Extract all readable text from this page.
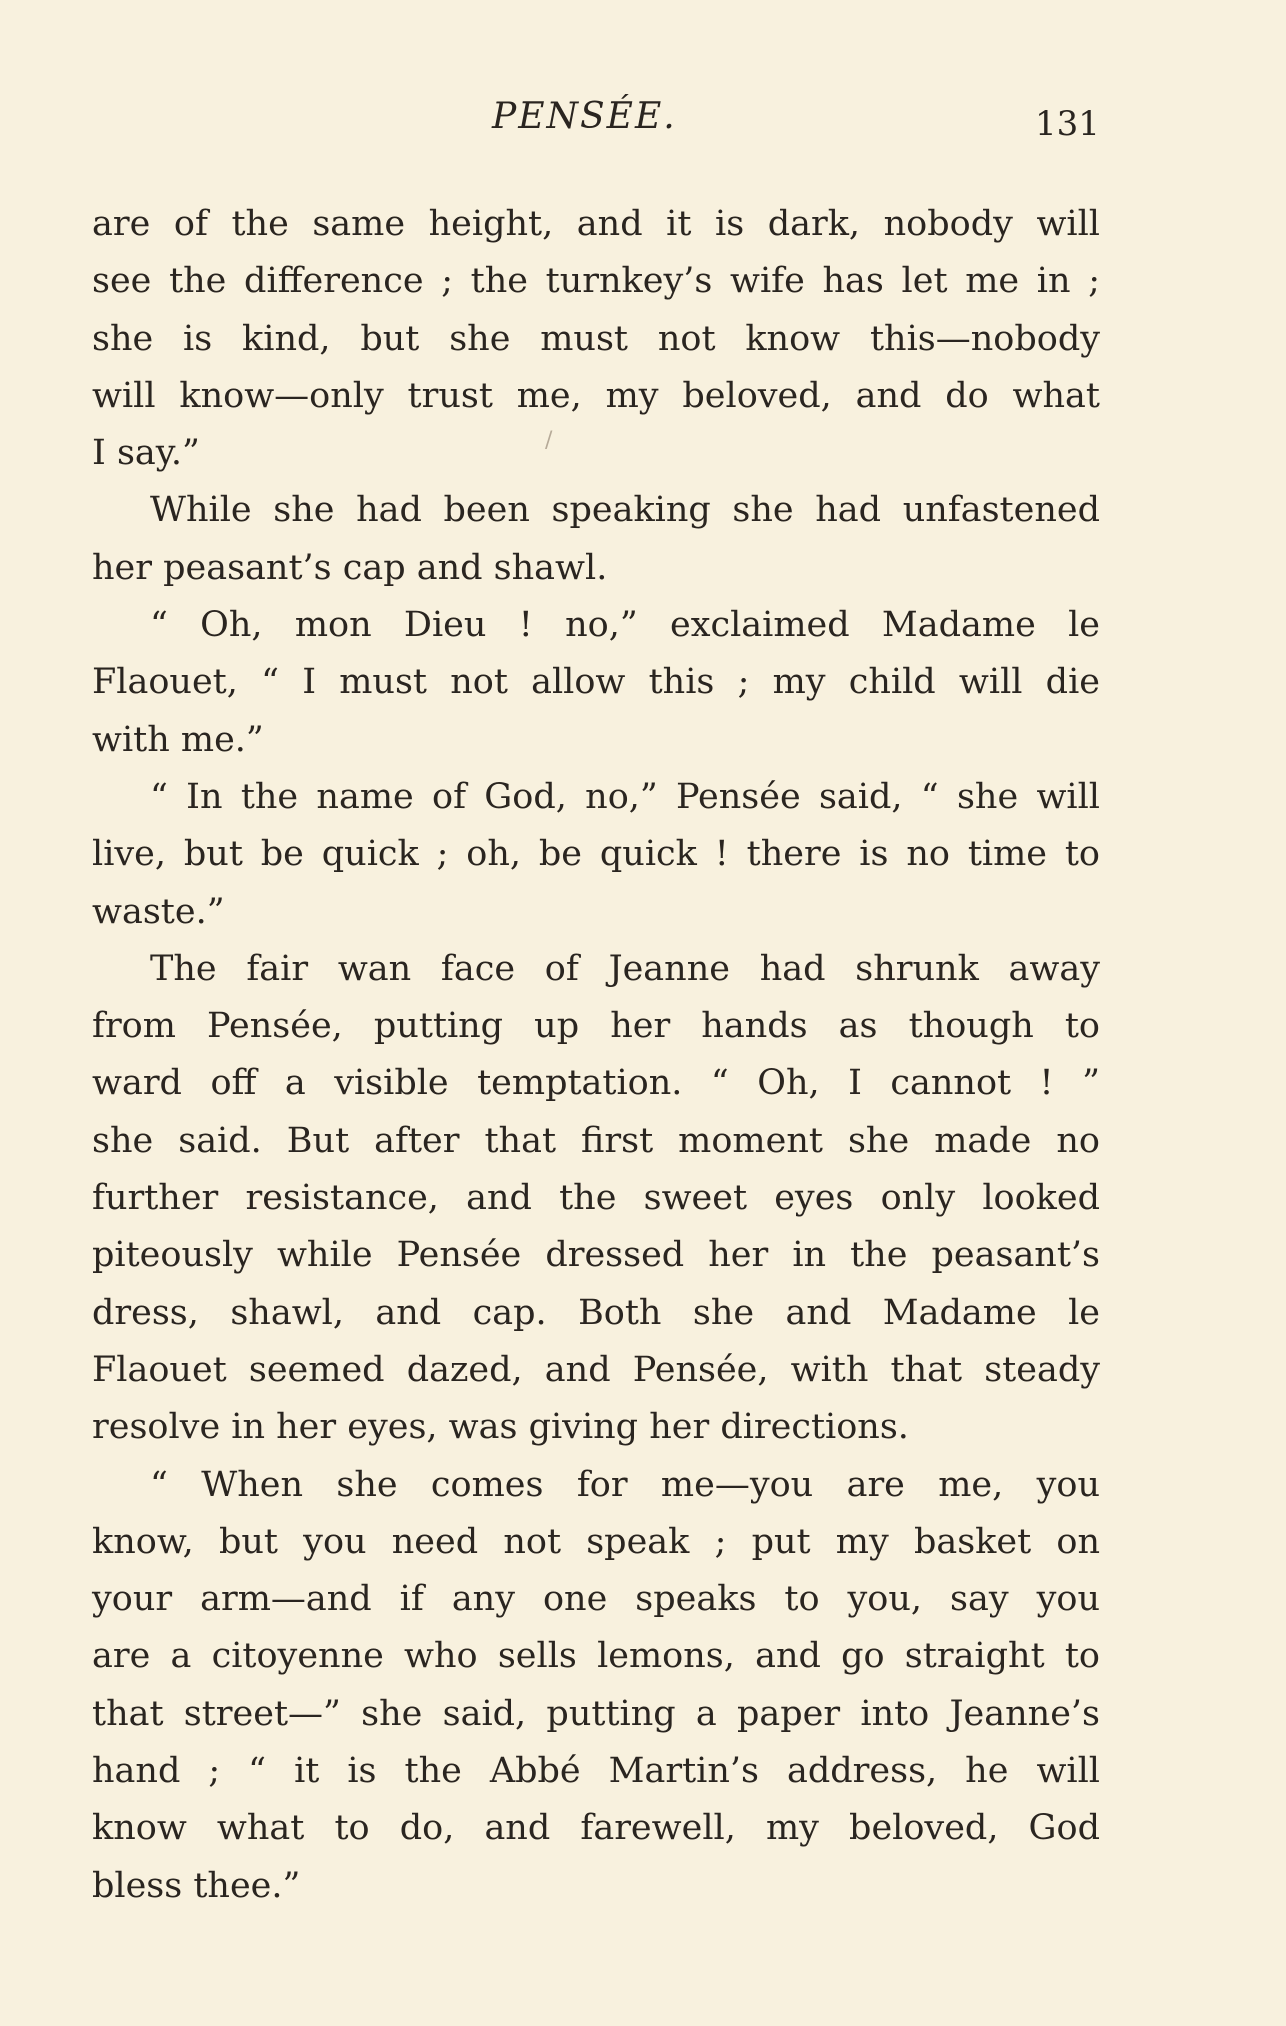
PENSÉE.	131
/
are of the same height, and it is dark, nobody will
see the difference ; the turnkey’s wife has let me in ;
she is kind, but she must not know this—nobody
will know—only trust me, my beloved, and do what
I say.”
While she had been speaking she had unfastened
her peasant’s cap and shawl.
“ Oh, mon Dieu ! no,” exclaimed Madame le
Flaouet, “ I must not allow this ; my child will die
with me.”
“ In the name of God, no,” Pensée said, “ she will
live, but be quick ; oh, be quick ! there is no time to
waste.”
The fair wan face of Jeanne had shrunk away
from Pensée, putting up her hands as though to
ward off a visible temptation. “ Oh, I cannot ! ”
she said. But after that first moment she made no
further resistance, and the sweet eyes only looked
piteously while Pensée dressed her in the peasant’s
dress, shawl, and cap. Both she and Madame le
Flaouet seemed dazed, and Pensée, with that steady
resolve in her eyes, was giving her directions.
“ When she comes for me—you are me, you
know, but you need not speak ; put my basket on
your arm—and if any one speaks to you, say you
are a citoyenne who sells lemons, and go straight to
that street—” she said, putting a paper into Jeanne’s
hand ; “ it is the Abbé Martin’s address, he will
know what to do, and farewell, my beloved, God
bless thee.”
